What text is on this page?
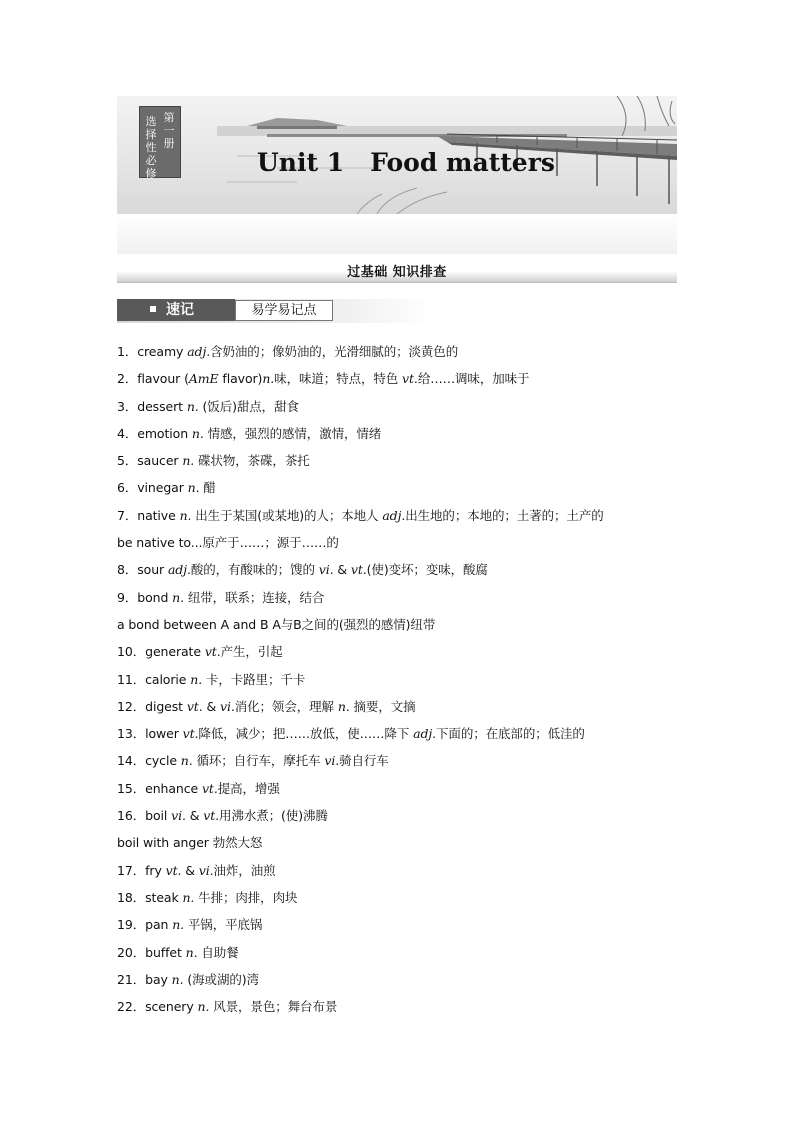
第一册
选择性必修	Unit 1 Food matters
过基础 知识排查
速记	易学易记点
1．creamy adj.含奶油的；像奶油的，光滑细腻的；淡黄色的
2．flavour (AmE flavor)n.味，味道；特点，特色 vt.给……调味，加味于
3．dessert n. (饭后)甜点，甜食
4．emotion n. 情感，强烈的感情，激情，情绪
5．saucer n. 碟状物，茶碟，茶托
6．vinegar n. 醋
7．native n. 出生于某国(或某地)的人；本地人 adj.出生地的；本地的；土著的；土产的
be native to...原产于……；源于……的
8．sour adj.酸的，有酸味的；馊的 vi. & vt.(使)变坏；变味，酸腐
9．bond n. 纽带，联系；连接，结合
a bond between A and B A与B之间的(强烈的感情)纽带
10．generate vt.产生，引起
11．calorie n. 卡，卡路里；千卡
12．digest vt. & vi.消化；领会，理解 n. 摘要，文摘
13．lower vt.降低，减少；把……放低，使……降下 adj.下面的；在底部的；低洼的
14．cycle n. 循环；自行车，摩托车 vi.骑自行车
15．enhance vt.提高，增强
16．boil vi. & vt.用沸水煮；(使)沸腾
boil with anger 勃然大怒
17．fry vt. & vi.油炸，油煎
18．steak n. 牛排；肉排，肉块
19．pan n. 平锅，平底锅
20．buffet n. 自助餐
21．bay n. (海或湖的)湾
22．scenery n. 风景，景色；舞台布景
